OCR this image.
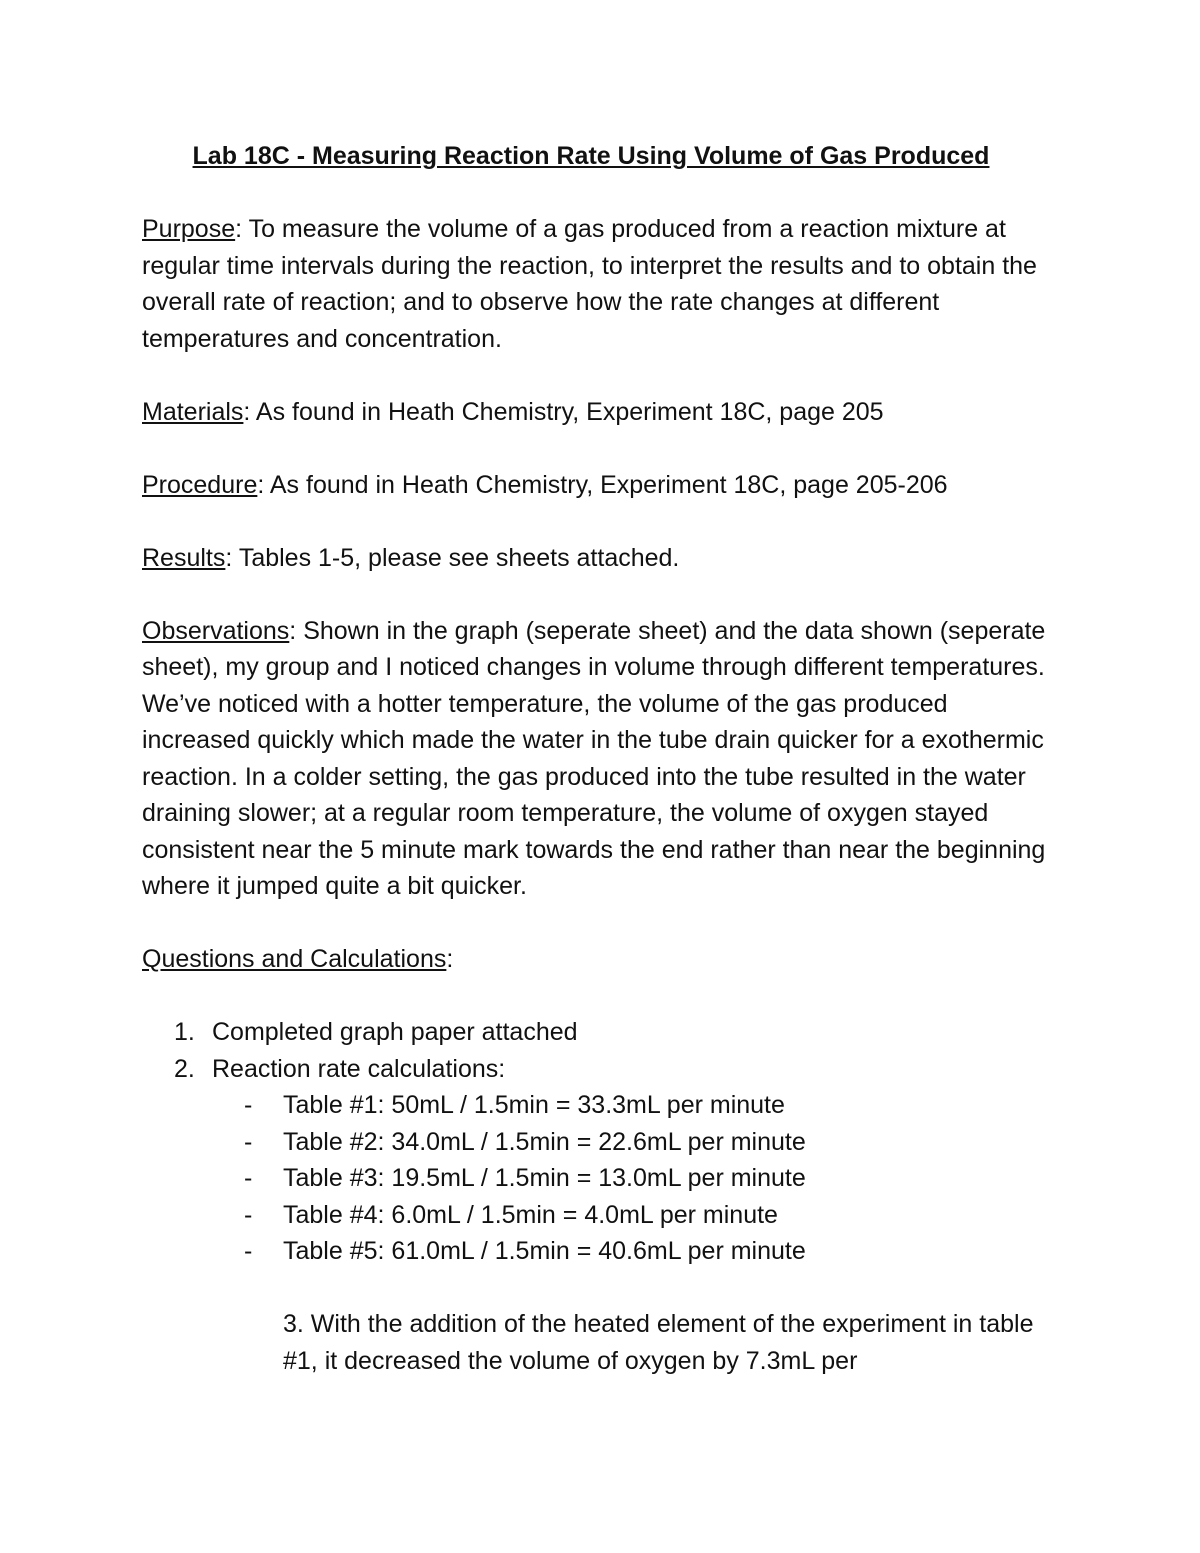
Lab 18C - Measuring Reaction Rate Using Volume of Gas Produced
Purpose: To measure the volume of a gas produced from a reaction mixture at regular time intervals during the reaction, to interpret the results and to obtain the overall rate of reaction; and to observe how the rate changes at different temperatures and concentration.
Materials: As found in Heath Chemistry, Experiment 18C, page 205
Procedure: As found in Heath Chemistry, Experiment 18C, page 205-206
Results: Tables 1-5, please see sheets attached.
Observations: Shown in the graph (seperate sheet) and the data shown (seperate sheet), my group and I noticed changes in volume through different temperatures. We’ve noticed with a hotter temperature, the volume of the gas produced increased quickly which made the water in the tube drain quicker for a exothermic reaction. In a colder setting, the gas produced into the tube resulted in the water draining slower; at a regular room temperature, the volume of oxygen stayed consistent near the 5 minute mark towards the end rather than near the beginning where it jumped quite a bit quicker.
Questions and Calculations:
1. Completed graph paper attached
2. Reaction rate calculations:
- Table #1: 50mL / 1.5min = 33.3mL per minute
- Table #2: 34.0mL / 1.5min = 22.6mL per minute
- Table #3: 19.5mL / 1.5min = 13.0mL per minute
- Table #4: 6.0mL / 1.5min = 4.0mL per minute
- Table #5: 61.0mL / 1.5min = 40.6mL per minute
3. With the addition of the heated element of the experiment in table #1, it decreased the volume of oxygen by 7.3mL per
